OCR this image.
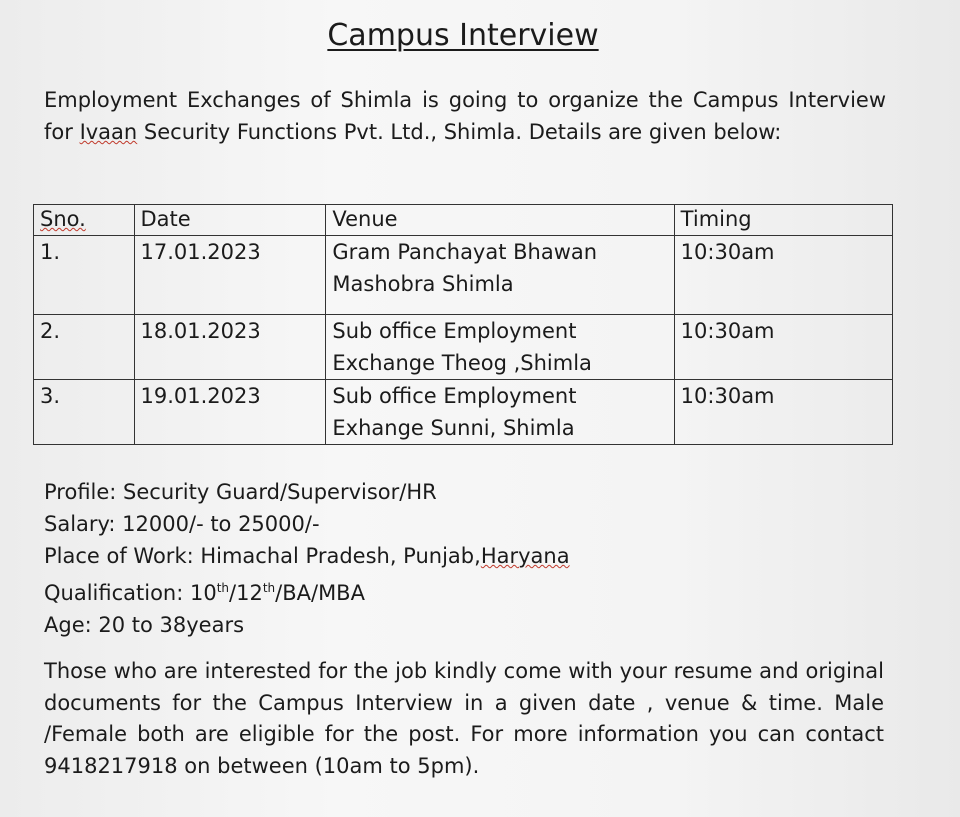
Campus Interview
Employment Exchanges of Shimla is going to organize the Campus Interview for Ivaan Security Functions Pvt. Ltd., Shimla. Details are given below:
Sno.	Date	Venue	Timing

1.	17.01.2023	Gram Panchayat Bhawan Mashobra Shimla	10:30am

2.	18.01.2023	Sub office Employment Exchange Theog ,Shimla	10:30am

3.	19.01.2023	Sub office Employment Exhange Sunni, Shimla	10:30am
Profile: Security Guard/Supervisor/HR
Salary: 12000/- to 25000/-
Place of Work: Himachal Pradesh, Punjab,Haryana
Qualification: 10th/12th/BA/MBA
Age: 20 to 38years
Those who are interested for the job kindly come with your resume and original documents for the Campus Interview in a given date , venue & time. Male /Female both are eligible for the post. For more information you can contact 9418217918 on between (10am to 5pm).
